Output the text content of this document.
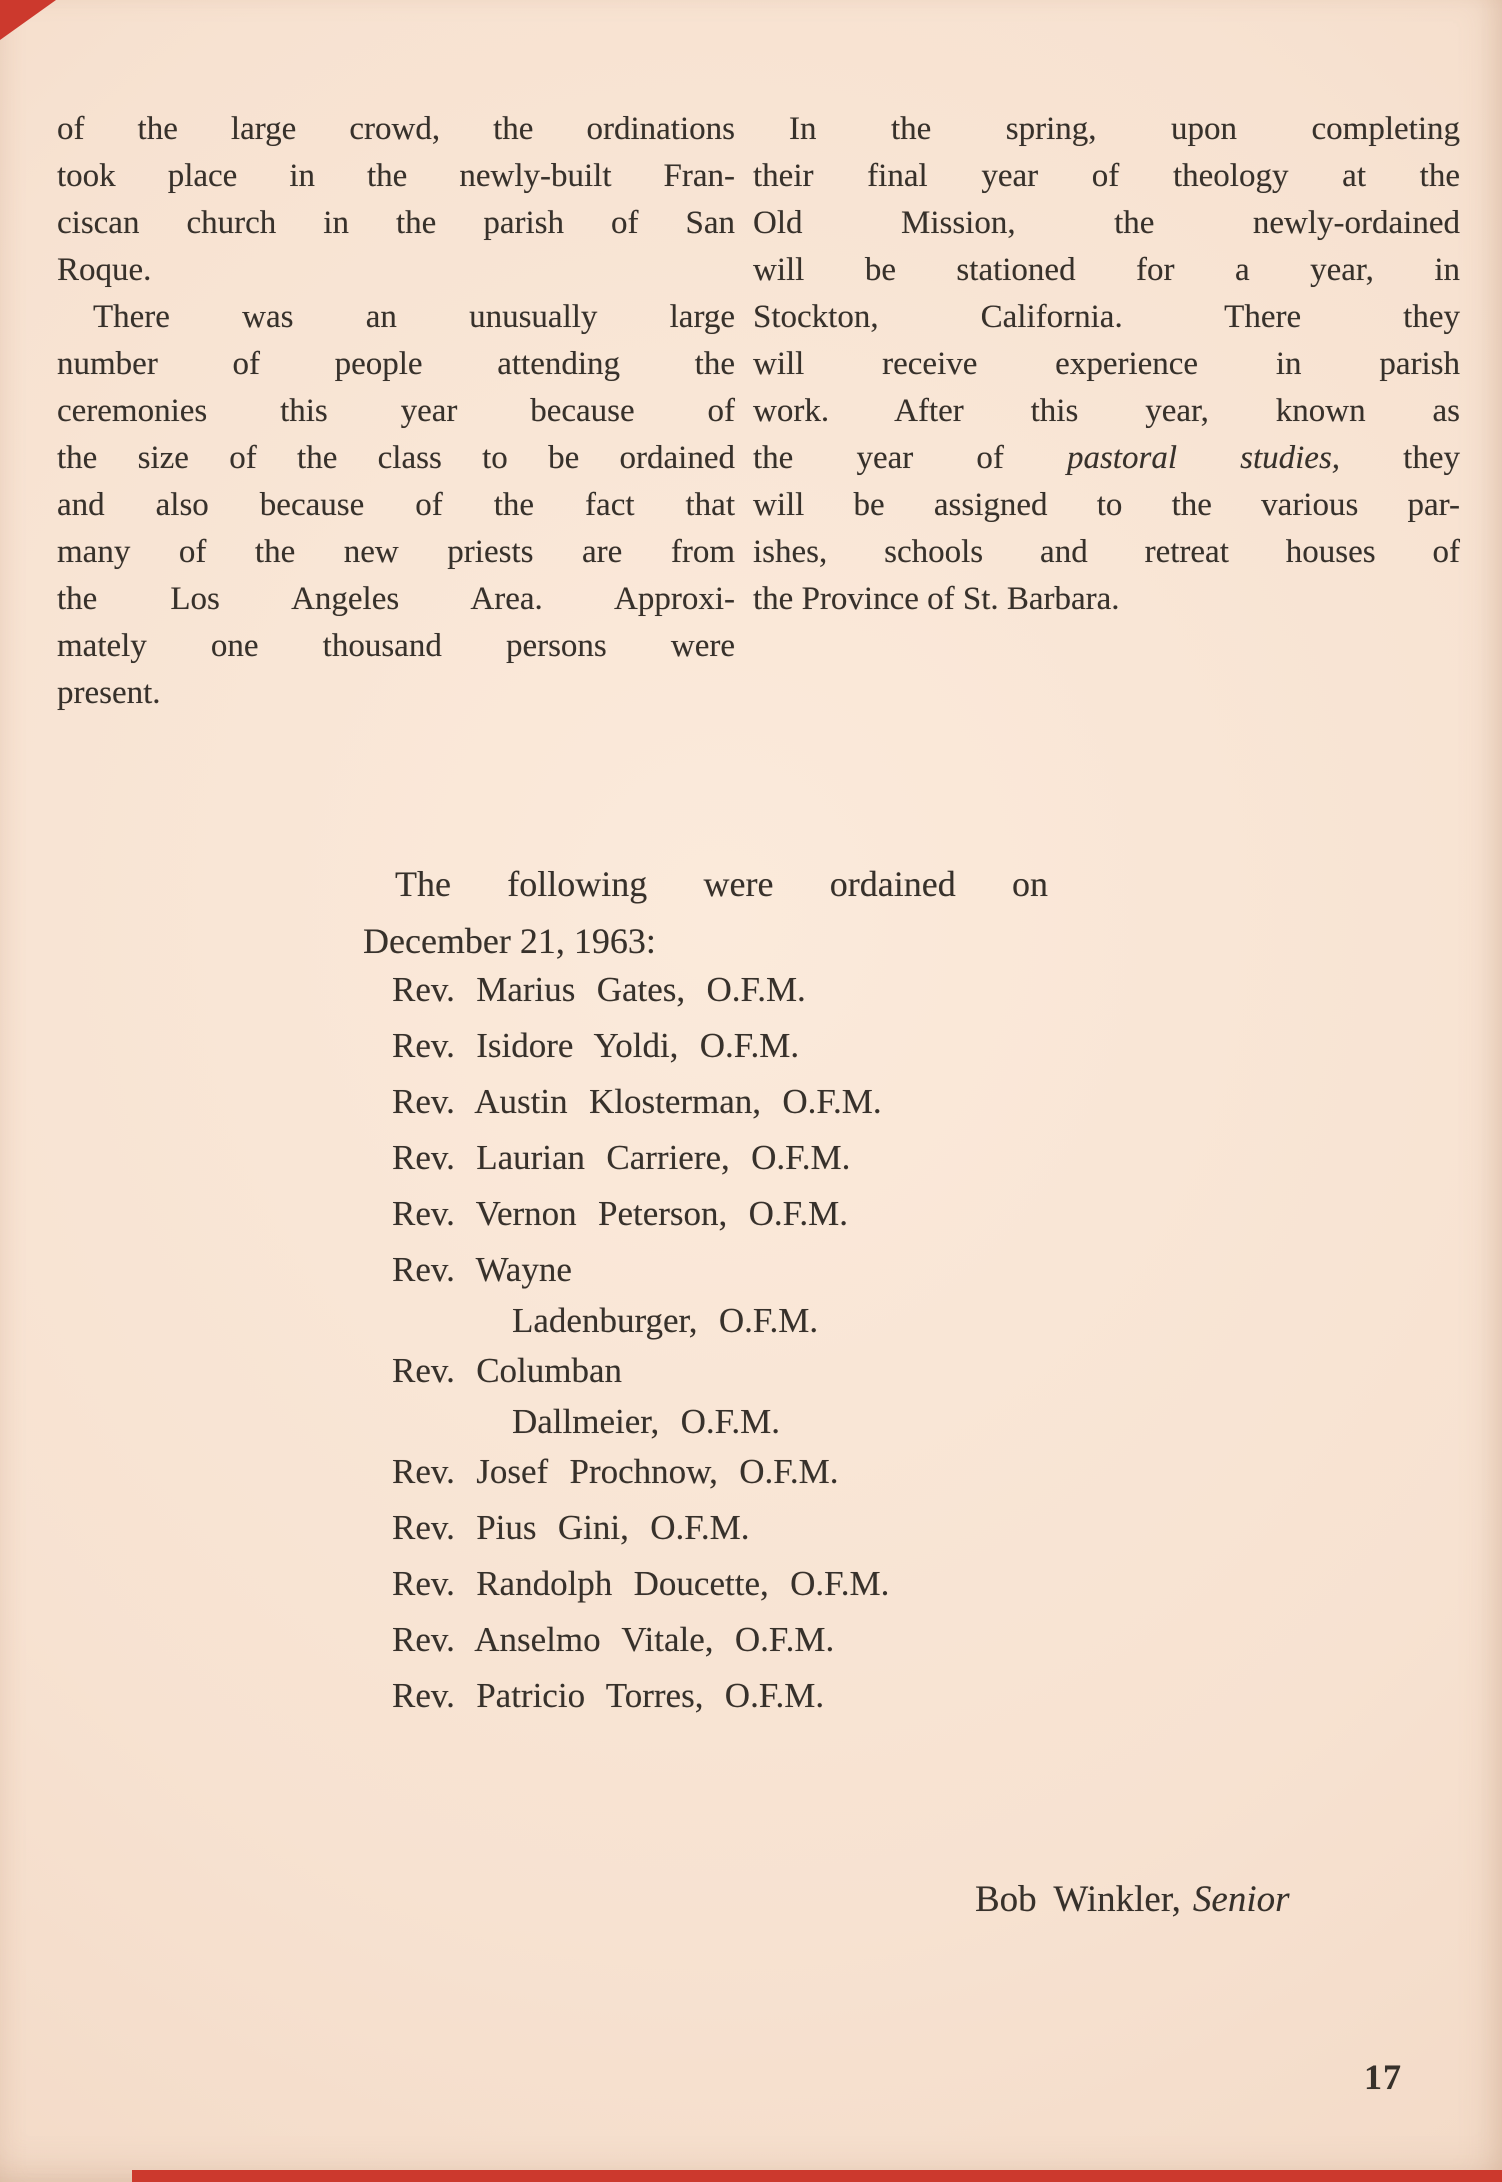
of the large crowd, the ordinations
took place in the newly-built Fran-
ciscan church in the parish of San
Roque.
There was an unusually large
number of people attending the
ceremonies this year because of
the size of the class to be ordained
and also because of the fact that
many of the new priests are from
the Los Angeles Area. Approxi-
mately one thousand persons were
present.
In the spring, upon completing
their final year of theology at the
Old Mission, the newly-ordained
will be stationed for a year, in
Stockton, California. There they
will receive experience in parish
work. After this year, known as
the year of pastoral studies, they
will be assigned to the various par-
ishes, schools and retreat houses of
the Province of St. Barbara.
The following were ordained on
December 21, 1963:
Rev. Marius Gates, O.F.M.
Rev. Isidore Yoldi, O.F.M.
Rev. Austin Klosterman, O.F.M.
Rev. Laurian Carriere, O.F.M.
Rev. Vernon Peterson, O.F.M.
Rev. Wayne
Ladenburger, O.F.M.
Rev. Columban
Dallmeier, O.F.M.
Rev. Josef Prochnow, O.F.M.
Rev. Pius Gini, O.F.M.
Rev. Randolph Doucette, O.F.M.
Rev. Anselmo Vitale, O.F.M.
Rev. Patricio Torres, O.F.M.
Bob Winkler, Senior
17
